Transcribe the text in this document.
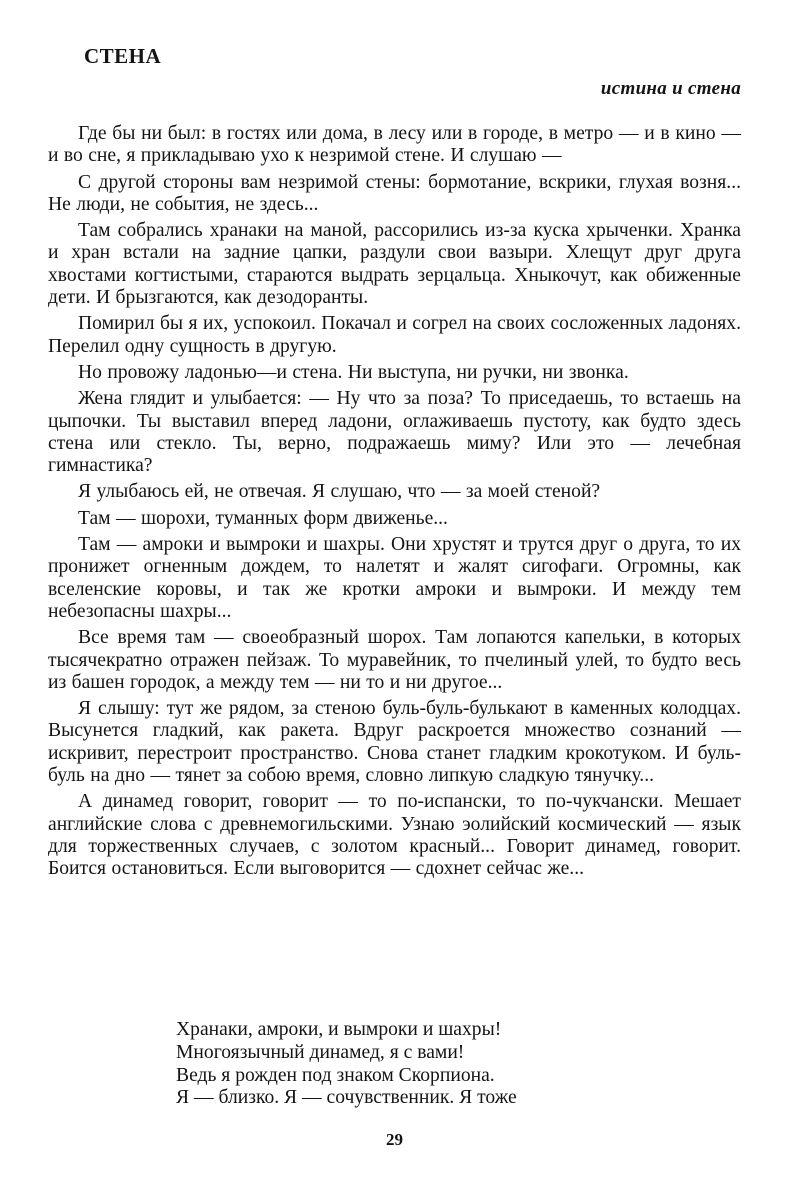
СТЕНА
истина и стена

Где бы ни был: в гостях или дома, в лесу или в городе, в метро — и в кино — и во сне, я прикладываю ухо к незримой стене. И слушаю —

С другой стороны вам незримой стены: бормотание, вскрики, глухая возня... Не люди, не события, не здесь...

Там собрались хранаки на маной, рассорились из-за куска хрыченки. Хранка и хран встали на задние цапки, раздули свои вазыри. Хлещут друг друга хвостами когтистыми, стараются выдрать зерцальца. Хныкочут, как обиженные дети. И брызгаются, как дезодоранты.

Помирил бы я их, успокоил. Покачал и согрел на своих сосложенных ладонях. Перелил одну сущность в другую.

Но провожу ладонью—и стена. Ни выступа, ни ручки, ни звонка.

Жена глядит и улыбается: — Ну что за поза? То приседаешь, то встаешь на цыпочки. Ты выставил вперед ладони, оглаживаешь пустоту, как будто здесь стена или стекло. Ты, верно, подражаешь миму? Или это — лечебная гимнастика?

Я улыбаюсь ей, не отвечая. Я слушаю, что — за моей стеной?

Там — шорохи, туманных форм движенье...

Там — амроки и вымроки и шахры. Они хрустят и трутся друг о друга, то их пронижет огненным дождем, то налетят и жалят сигофаги. Огромны, как вселенские коровы, и так же кротки амроки и вымроки. И между тем небезопасны шахры...

Все время там — своеобразный шорох. Там лопаются капельки, в которых тысячекратно отражен пейзаж. То муравейник, то пчелиный улей, то будто весь из башен городок, а между тем — ни то и ни другое...

Я слышу: тут же рядом, за стеною буль-буль-булькают в каменных колодцах. Высунется гладкий, как ракета. Вдруг раскроется множество сознаний — искривит, перестроит пространство. Снова станет гладким крокотуком. И буль-буль на дно — тянет за собою время, словно липкую сладкую тянучку...

А динамед говорит, говорит — то по-испански, то по-чукчански. Мешает английские слова с древнемогильскими. Узнаю эолийский космический — язык для торжественных случаев, с золотом красный... Говорит динамед, говорит. Боится остановиться. Если выговорится — сдохнет сейчас же...

Хранаки, амроки, и вымроки и шахры!
Многоязычный динамед, я с вами!
Ведь я рожден под знаком Скорпиона.
Я — близко. Я — сочувственник. Я тоже
29
